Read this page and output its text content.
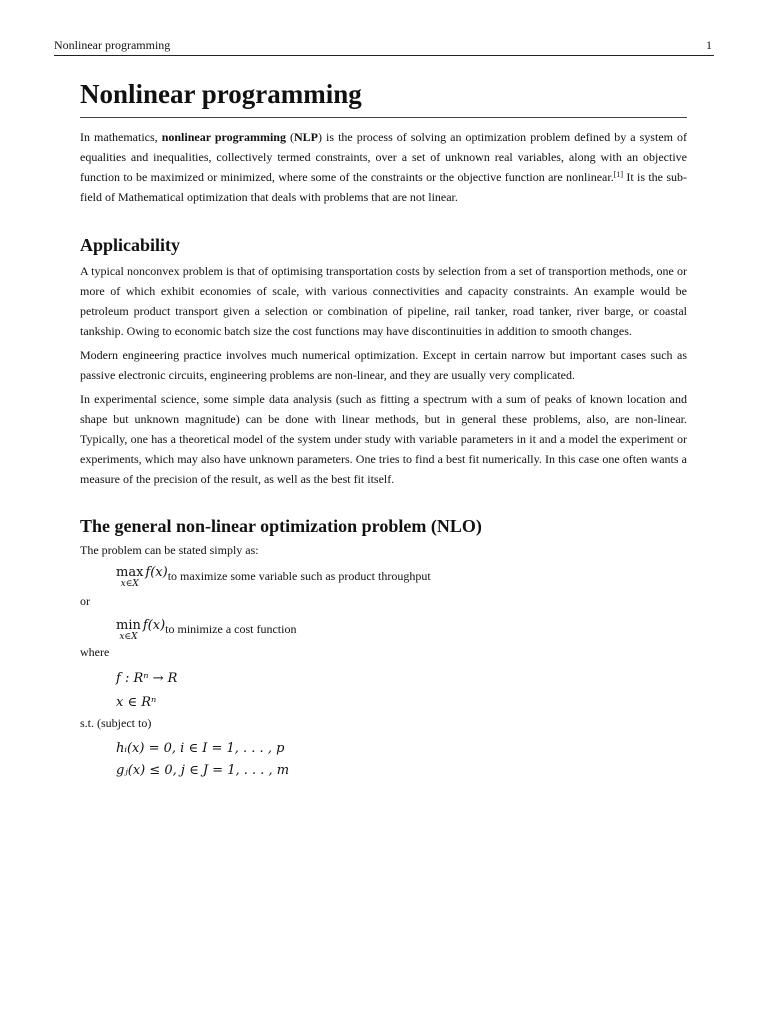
Nonlinear programming	1
Nonlinear programming

In mathematics, nonlinear programming (NLP) is the process of solving an optimization problem defined by a system of equalities and inequalities, collectively termed constraints, over a set of unknown real variables, along with an objective function to be maximized or minimized, where some of the constraints or the objective function are nonlinear.[1] It is the sub-field of Mathematical optimization that deals with problems that are not linear.

Applicability

A typical nonconvex problem is that of optimising transportation costs by selection from a set of transportion methods, one or more of which exhibit economies of scale, with various connectivities and capacity constraints. An example would be petroleum product transport given a selection or combination of pipeline, rail tanker, road tanker, river barge, or coastal tankship. Owing to economic batch size the cost functions may have discontinuities in addition to smooth changes.

Modern engineering practice involves much numerical optimization. Except in certain narrow but important cases such as passive electronic circuits, engineering problems are non-linear, and they are usually very complicated.

In experimental science, some simple data analysis (such as fitting a spectrum with a sum of peaks of known location and shape but unknown magnitude) can be done with linear methods, but in general these problems, also, are non-linear. Typically, one has a theoretical model of the system under study with variable parameters in it and a model the experiment or experiments, which may also have unknown parameters. One tries to find a best fit numerically. In this case one often wants a measure of the precision of the result, as well as the best fit itself.

The general non-linear optimization problem (NLO)
The problem can be stated simply as:
max
x∈X
f(x) to maximize some variable such as product throughput
or
min
x∈X
f(x) to minimize a cost function
where
f : Rⁿ → R
x ∈ Rⁿ
s.t. (subject to)
hᵢ(x) = 0, i ∈ I = 1, . . . , p
gⱼ(x) ≤ 0, j ∈ J = 1, . . . , m
